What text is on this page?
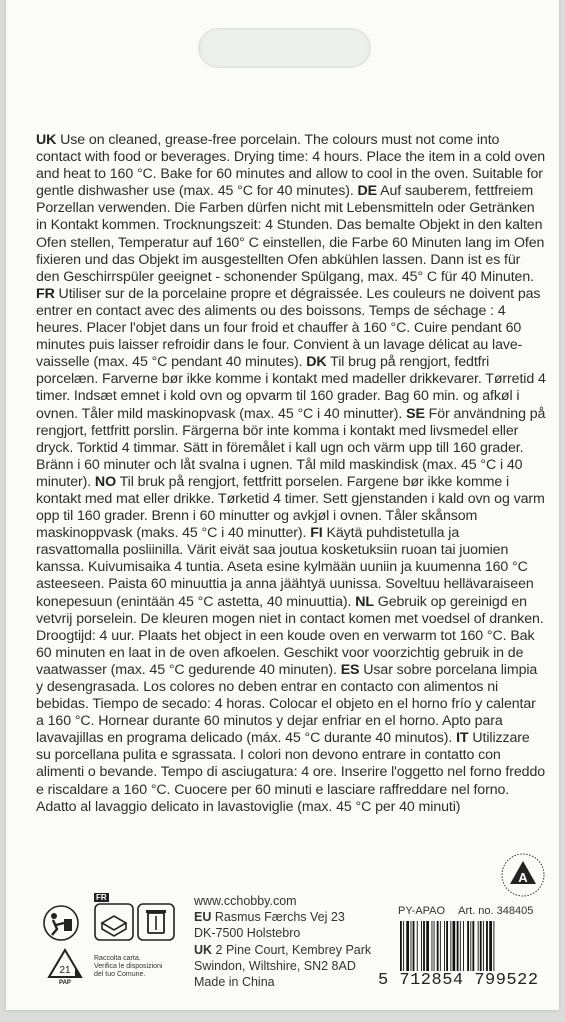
UK Use on cleaned, grease-free porcelain. The colours must not come into contact with food or beverages. Drying time: 4 hours. Place the item in a cold oven and heat to 160 °C. Bake for 60 minutes and allow to cool in the oven. Suitable for gentle dishwasher use (max. 45 °C for 40 minutes). DE Auf sauberem, fettfreiem Porzellan verwenden. Die Farben dürfen nicht mit Lebensmitteln oder Getränken in Kontakt kommen. Trocknungszeit: 4 Stunden. Das bemalte Objekt in den kalten Ofen stellen, Temperatur auf 160° C einstellen, die Farbe 60 Minuten lang im Ofen fixieren und das Objekt im ausgestellten Ofen abkühlen lassen. Dann ist es für den Geschirrspüler geeignet - schonender Spülgang, max. 45° C für 40 Minuten. FR Utiliser sur de la porcelaine propre et dégraissée. Les couleurs ne doivent pas entrer en contact avec des aliments ou des boissons. Temps de séchage : 4 heures. Placer l'objet dans un four froid et chauffer à 160 °C. Cuire pendant 60 minutes puis laisser refroidir dans le four. Convient à un lavage délicat au lave-vaisselle (max. 45 °C pendant 40 minutes). DK Til brug på rengjort, fedtfri porcelæn. Farverne bør ikke komme i kontakt med madeller drikkevarer. Tørretid 4 timer. Indsæt emnet i kold ovn og opvarm til 160 grader. Bag 60 min. og afkøl i ovnen. Tåler mild maskinopvask (max. 45 °C i 40 minutter). SE För användning på rengjort, fettfritt porslin. Färgerna bör inte komma i kontakt med livsmedel eller dryck. Torktid 4 timmar. Sätt in föremålet i kall ugn och värm upp till 160 grader. Bränn i 60 minuter och låt svalna i ugnen. Tål mild maskindisk (max. 45 °C i 40 minuter). NO Til bruk på rengjort, fettfritt porselen. Fargene bør ikke komme i kontakt med mat eller drikke. Tørketid 4 timer. Sett gjenstanden i kald ovn og varm opp til 160 grader. Brenn i 60 minutter og avkjøl i ovnen. Tåler skånsom maskinoppvask (maks. 45 °C i 40 minutter). FI Käytä puhdistetulla ja rasvattomalla posliinilla. Värit eivät saa joutua kosketuksiin ruoan tai juomien kanssa. Kuivumisaika 4 tuntia. Aseta esine kylmään uuniin ja kuumenna 160 °C asteeseen. Paista 60 minuuttia ja anna jäähtyä uunissa. Soveltuu hellävaraiseen konepesuun (enintään 45 °C astetta, 40 minuuttia). NL Gebruik op gereinigd en vetvrij porselein. De kleuren mogen niet in contact komen met voedsel of dranken. Droogtijd: 4 uur. Plaats het object in een koude oven en verwarm tot 160 °C. Bak 60 minuten en laat in de oven afkoelen. Geschikt voor voorzichtig gebruik in de vaatwasser (max. 45 °C gedurende 40 minuten). ES Usar sobre porcelana limpia y desengrasada. Los colores no deben entrar en contacto con alimentos ni bebidas. Tiempo de secado: 4 horas. Colocar el objeto en el horno frío y calentar a 160 °C. Hornear durante 60 minutos y dejar enfriar en el horno. Apto para lavavajillas en programa delicado (máx. 45 °C durante 40 minutos). IT Utilizzare su porcellana pulita e sgrassata. I colori non devono entrare in contatto con alimenti o bevande. Tempo di asciugatura: 4 ore. Inserire l'oggetto nel forno freddo e riscaldare a 160 °C. Cuocere per 60 minuti e lasciare raffreddare nel forno. Adatto al lavaggio delicato in lavastoviglie (max. 45 °C per 40 minuti)
A
FR
21
PAP
Raccolta carta.
Verifica le disposizioni
del tuo Comune.
www.cchobby.com
EU Rasmus Færchs Vej 23
DK-7500 Holstebro
UK 2 Pine Court, Kembrey Park
Swindon, Wiltshire, SN2 8AD
Made in China
PY-APAO Art. no. 348405
5 712854 799522
